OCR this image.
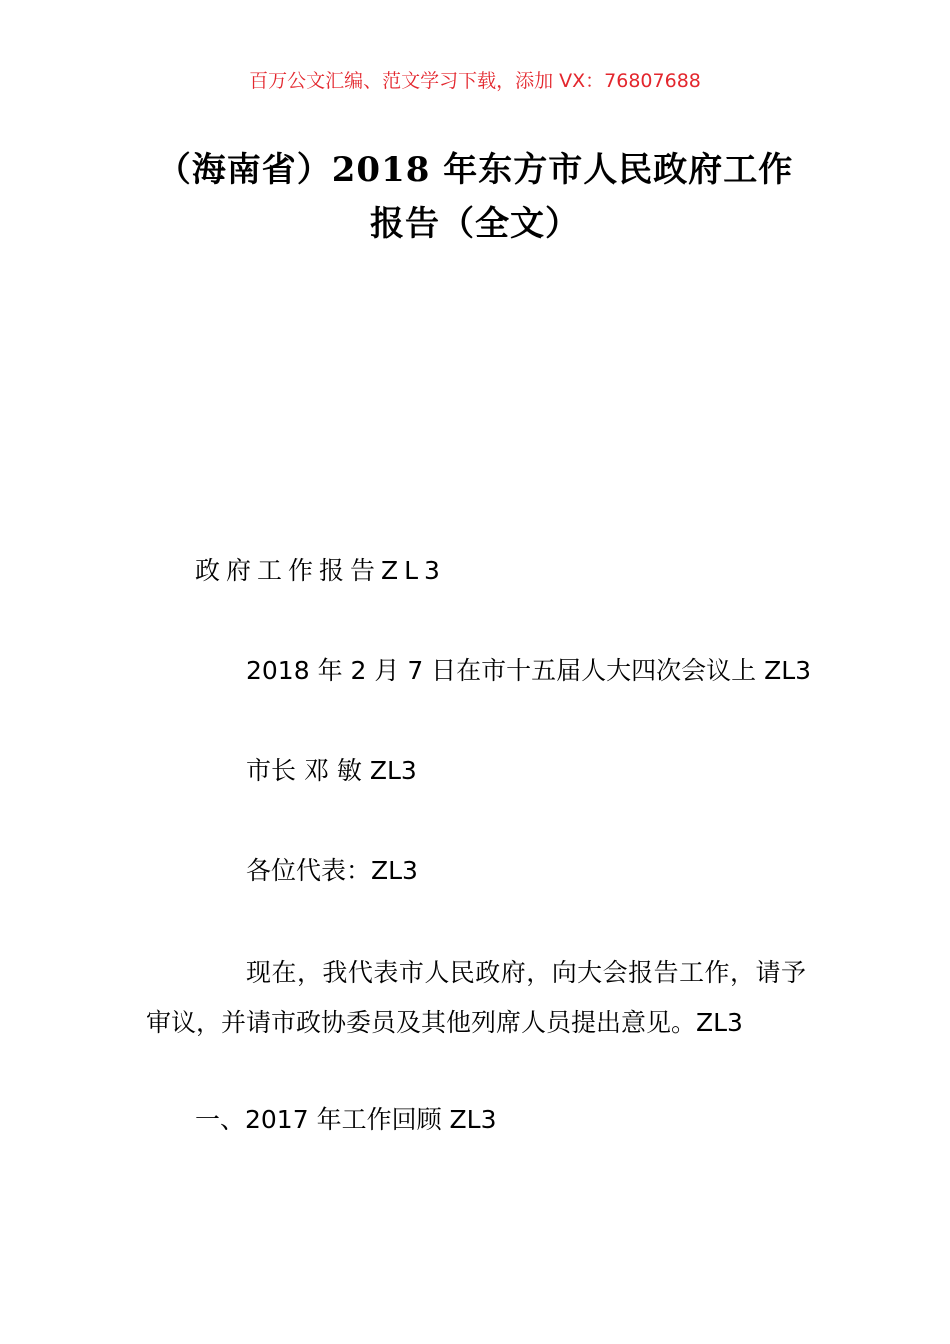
百万公文汇编、范文学习下载，添加 VX：76807688
（海南省）2018 年东方市人民政府工作报告（全文）
政府工作报告ZL3
2018 年 2 月 7 日在市十五届人大四次会议上 ZL3
市长 邓 敏 ZL3
各位代表：ZL3
现在，我代表市人民政府，向大会报告工作，请予审议，并请市政协委员及其他列席人员提出意见。ZL3
一、2017 年工作回顾 ZL3
